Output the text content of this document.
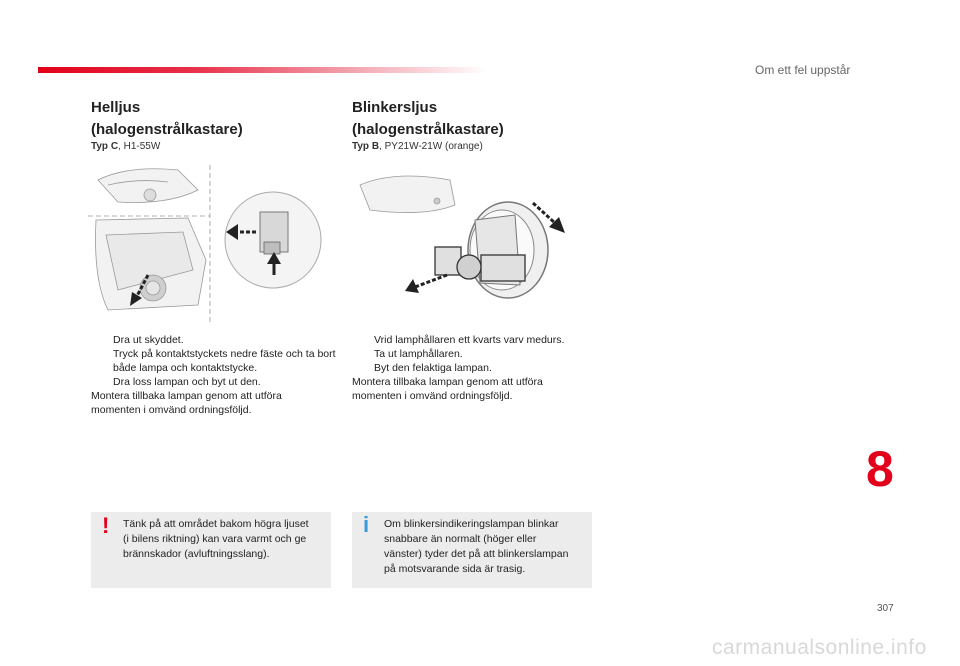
Om ett fel uppstår
Helljus
(halogenstrålkastare)
Typ C, H1-55W
Dra ut skyddet.
Tryck på kontaktstyckets nedre fäste och ta bort både lampa och kontaktstycke.
Dra loss lampan och byt ut den.
Montera tillbaka lampan genom att utföra
momenten i omvänd ordningsföljd.
! Tänk på att området bakom högra ljuset
(i bilens riktning) kan vara varmt och ge
brännskador (avluftningsslang).
Blinkersljus
(halogenstrålkastare)
Typ B, PY21W-21W (orange)
Vrid lamphållaren ett kvarts varv medurs.
Ta ut lamphållaren.
Byt den felaktiga lampan.
Montera tillbaka lampan genom att utföra
momenten i omvänd ordningsföljd.
i Om blinkersindikeringslampan blinkar
snabbare än normalt (höger eller
vänster) tyder det på att blinkerslampan
på motsvarande sida är trasig.
8
307
carmanualsonline.info
